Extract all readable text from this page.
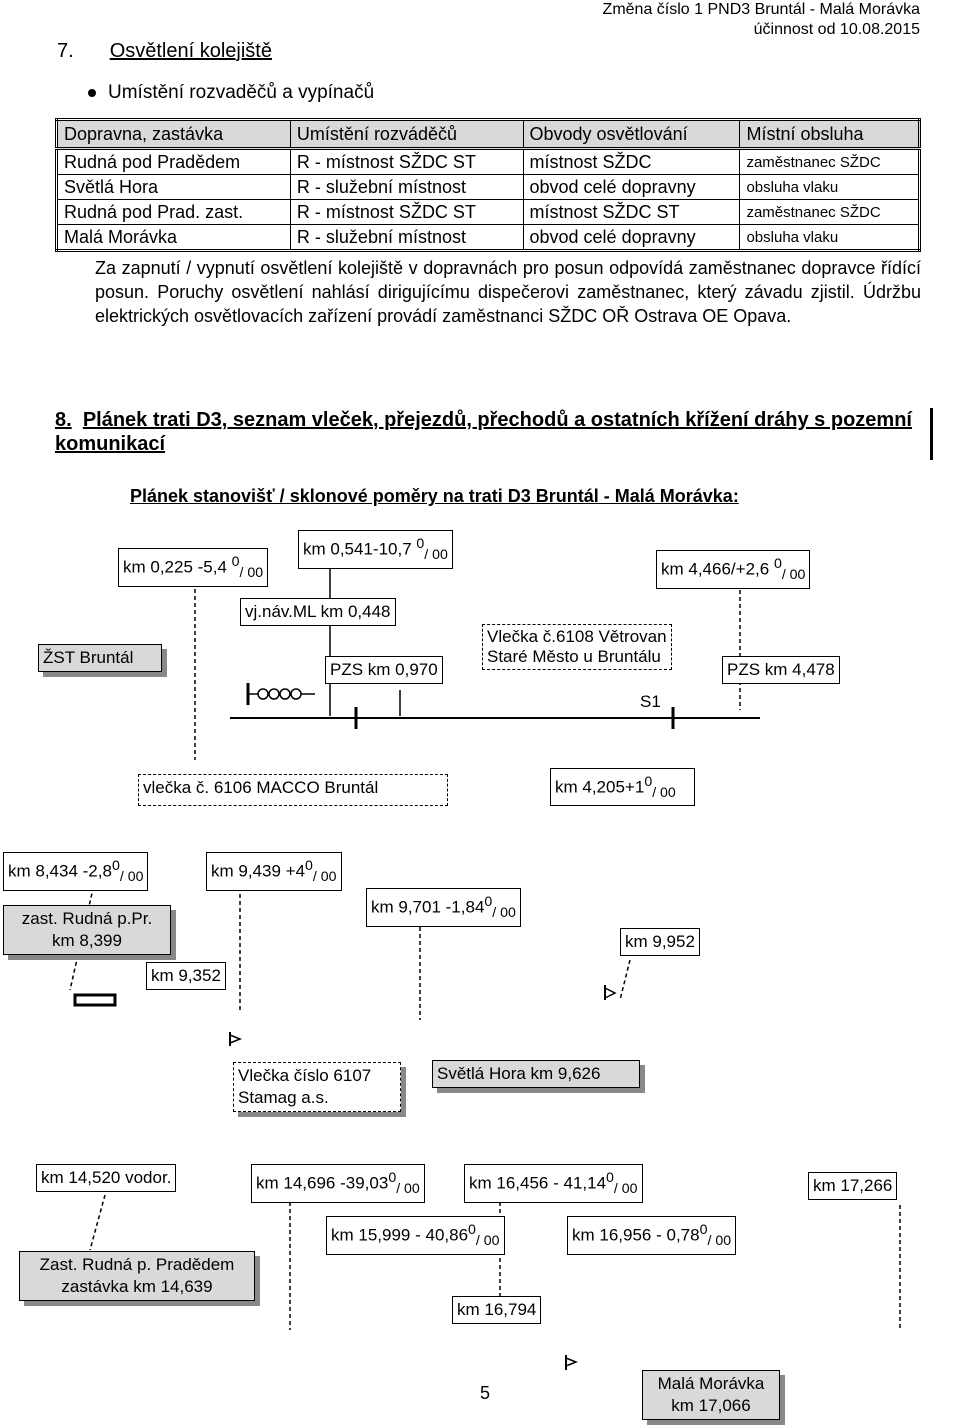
Změna číslo 1 PND3 Bruntál - Malá Morávka
účinnost od 10.08.2015
7. Osvětlení kolejiště
Umístění rozvaděčů a vypínačů
Dopravna, zastávka	Umístění rozváděčů	Obvody osvětlování	Místní obsluha
Rudná pod Pradědem	R - místnost SŽDC ST	místnost SŽDC	zaměstnanec SŽDC
Světlá Hora	R - služební místnost	obvod celé dopravny	obsluha vlaku
Rudná pod Prad. zast.	R - místnost SŽDC ST	místnost SŽDC ST	zaměstnanec SŽDC
Malá Morávka	R - služební místnost	obvod celé dopravny	obsluha vlaku
Za zapnutí / vypnutí osvětlení kolejiště v dopravnách pro posun odpovídá zaměstnanec dopravce řídící posun. Poruchy osvětlení nahlásí dirigujícímu dispečerovi zaměstnanec, který závadu zjistil. Údržbu elektrických osvětlovacích zařízení provádí zaměstnanci SŽDC OŘ Ostrava OE Opava.
8. Plánek trati D3, seznam vleček, přejezdů, přechodů a ostatních křížení dráhy s pozemní komunikací
Plánek stanovišť / sklonové poměry na trati D3 Bruntál - Malá Morávka:
km 0,225 -5,4 $^0_{/ 00}$
km 0,541-10,7 $^0_{/ 00}$
km 4,466/+2,6 $^0_{/ 00}$
ŽST Bruntál
vj.náv.ML km 0,448
PZS km 0,970
Vlečka č.6108 Větrovan
Staré Město u Bruntálu
PZS km 4,478
S1
vlečka č. 6106 MACCO Bruntál	km $4,205+1^0_{/ 00}$
km 8,434 $-2,8^0_{/ 00}$	km $9,439 +4^0_{/ 00}$
km 9,701 $-1,84^0_{/ 00}$
zast. Rudná p.Pr.
km 8,399	km 9,952
km 9,352
Vlečka číslo 6107
Stamag a.s.
Světlá Hora km 9,626
km 14,520 vodor.	km 14,696 $-39,03^0_{/ 00}$	km $16,456 - 41,14^0_{/ 00}$	km 17,266
km $15,999 - 40,86^0_{/ 00}$	km $16,956 - 0,78^0_{/ 00}$
Zast. Rudná p. Pradědem
zastávka km 14,639
km 16,794
Malá Morávka
km 17,066
5
